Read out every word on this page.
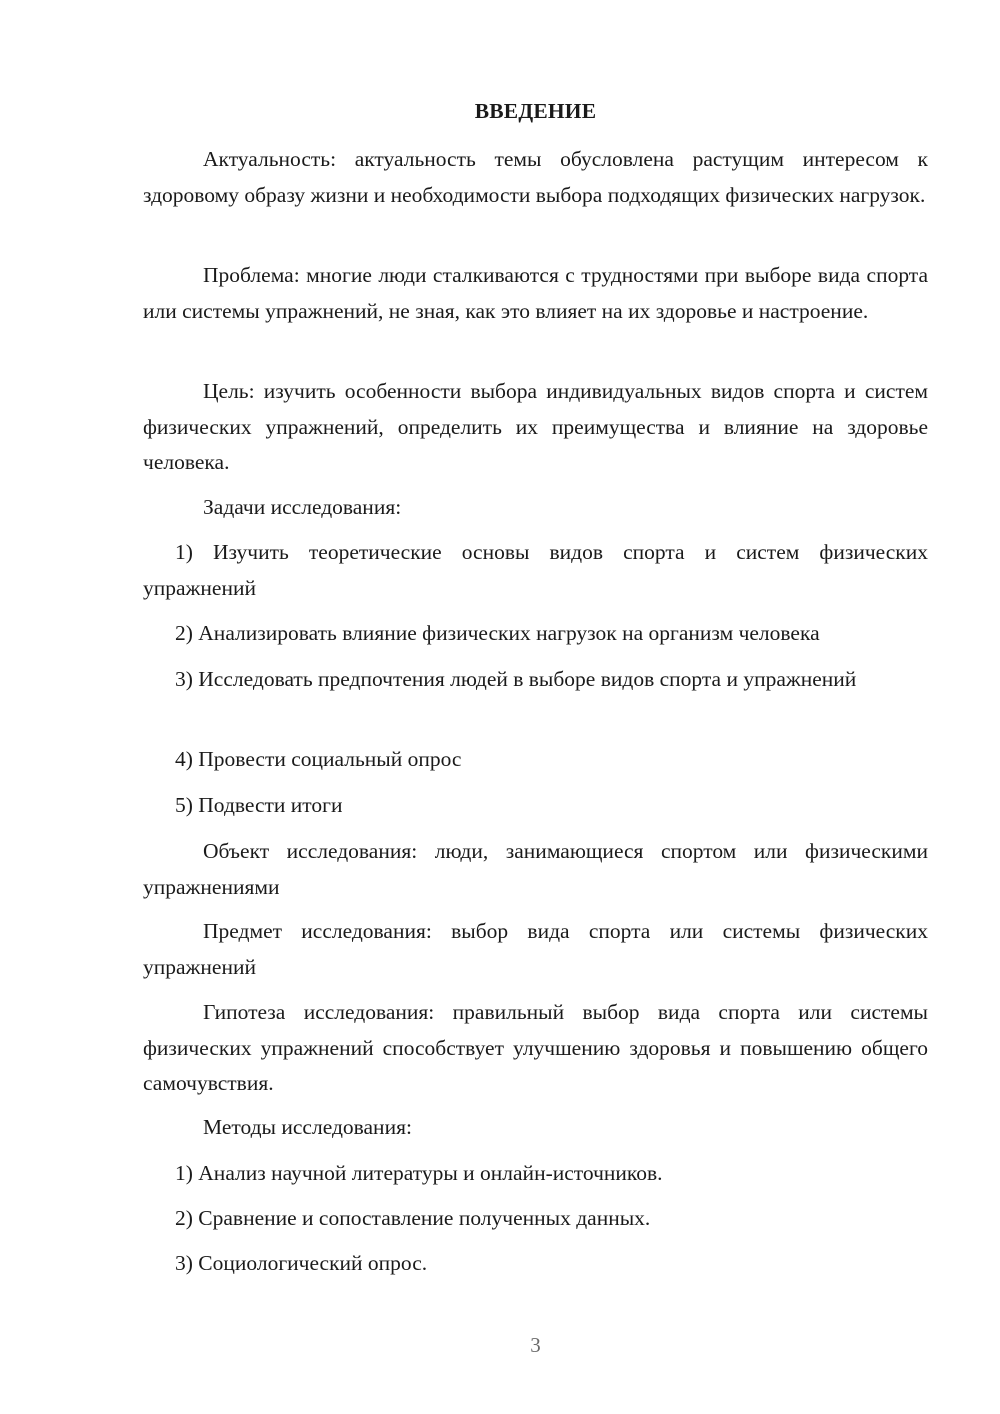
ВВЕДЕНИЕ

Актуальность: актуальность темы обусловлена растущим интересом к здоровому образу жизни и необходимости выбора подходящих физических нагрузок.

Проблема: многие люди сталкиваются с трудностями при выборе вида спорта или системы упражнений, не зная, как это влияет на их здоровье и настроение.

Цель: изучить особенности выбора индивидуальных видов спорта и систем физических упражнений, определить их преимущества и влияние на здоровье человека.

Задачи исследования:

1) Изучить теоретические основы видов спорта и систем физических упражнений

2) Анализировать влияние физических нагрузок на организм человека

3) Исследовать предпочтения людей в выборе видов спорта и упражнений

4) Провести социальный опрос

5) Подвести итоги

Объект исследования: люди, занимающиеся спортом или физическими упражнениями

Предмет исследования: выбор вида спорта или системы физических упражнений

Гипотеза исследования: правильный выбор вида спорта или системы физических упражнений способствует улучшению здоровья и повышению общего самочувствия.

Методы исследования:

1) Анализ научной литературы и онлайн-источников.

2) Сравнение и сопоставление полученных данных.

3) Социологический опрос.

3
